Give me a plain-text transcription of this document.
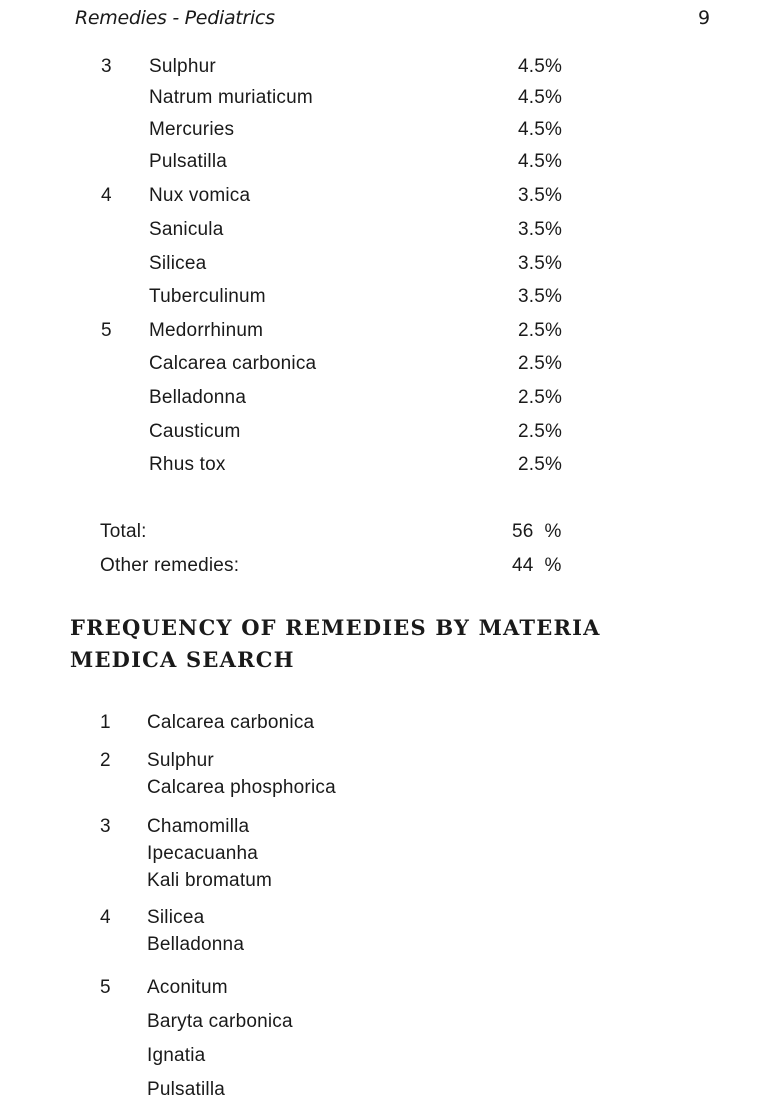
Remedies - Pediatrics	9
3 Sulphur	4.5%
Natrum muriaticum	4.5%
Mercuries	4.5%
Pulsatilla	4.5%
4 Nux vomica	3.5%
Sanicula	3.5%
Silicea	3.5%
Tuberculinum	3.5%
5 Medorrhinum	2.5%
Calcarea carbonica	2.5%
Belladonna	2.5%
Causticum	2.5%
Rhus tox	2.5%
Total:	56  %
Other remedies:	44  %
FREQUENCY OF REMEDIES BY MATERIA
MEDICA SEARCH
1 Calcarea carbonica
2 Sulphur
Calcarea phosphorica
3 Chamomilla
Ipecacuanha
Kali bromatum
4 Silicea
Belladonna
5 Aconitum
Baryta carbonica
Ignatia
Pulsatilla
